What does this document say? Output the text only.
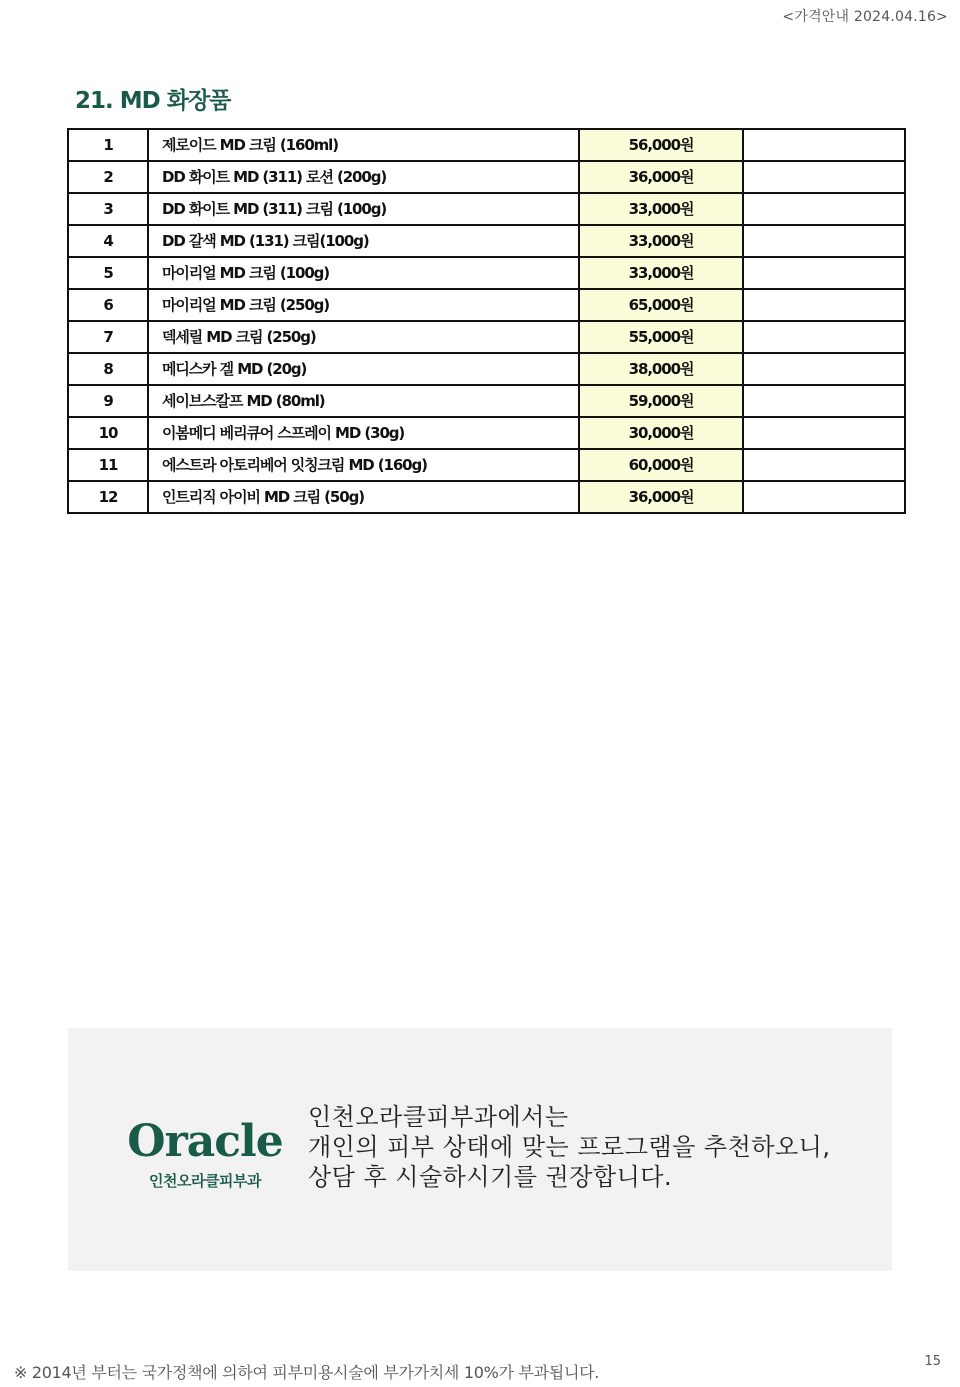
<가격안내 2024.04.16>
21. MD 화장품
1	제로이드 MD 크림 (160ml)	56,000원	
2	DD 화이트 MD (311) 로션 (200g)	36,000원	
3	DD 화이트 MD (311) 크림 (100g)	33,000원	
4	DD 갈색 MD (131) 크림(100g)	33,000원	
5	마이리얼 MD 크림 (100g)	33,000원	
6	마이리얼 MD 크림 (250g)	65,000원	
7	덱세릴 MD 크림 (250g)	55,000원	
8	메디스카 겔 MD (20g)	38,000원	
9	세이브스칼프 MD (80ml)	59,000원	
10	이봄메디 베리큐어 스프레이 MD (30g)	30,000원	
11	에스트라 아토리베어 잇칭크림 MD (160g)	60,000원	
12	인트리직 아이비 MD 크림 (50g)	36,000원	
Oracle
인천오라클피부과
인천오라클피부과에서는
개인의 피부 상태에 맞는 프로그램을 추천하오니,
상담 후 시술하시기를 권장합니다.
15
※ 2014년 부터는 국가정책에 의하여 피부미용시술에 부가가치세 10%가 부과됩니다.
